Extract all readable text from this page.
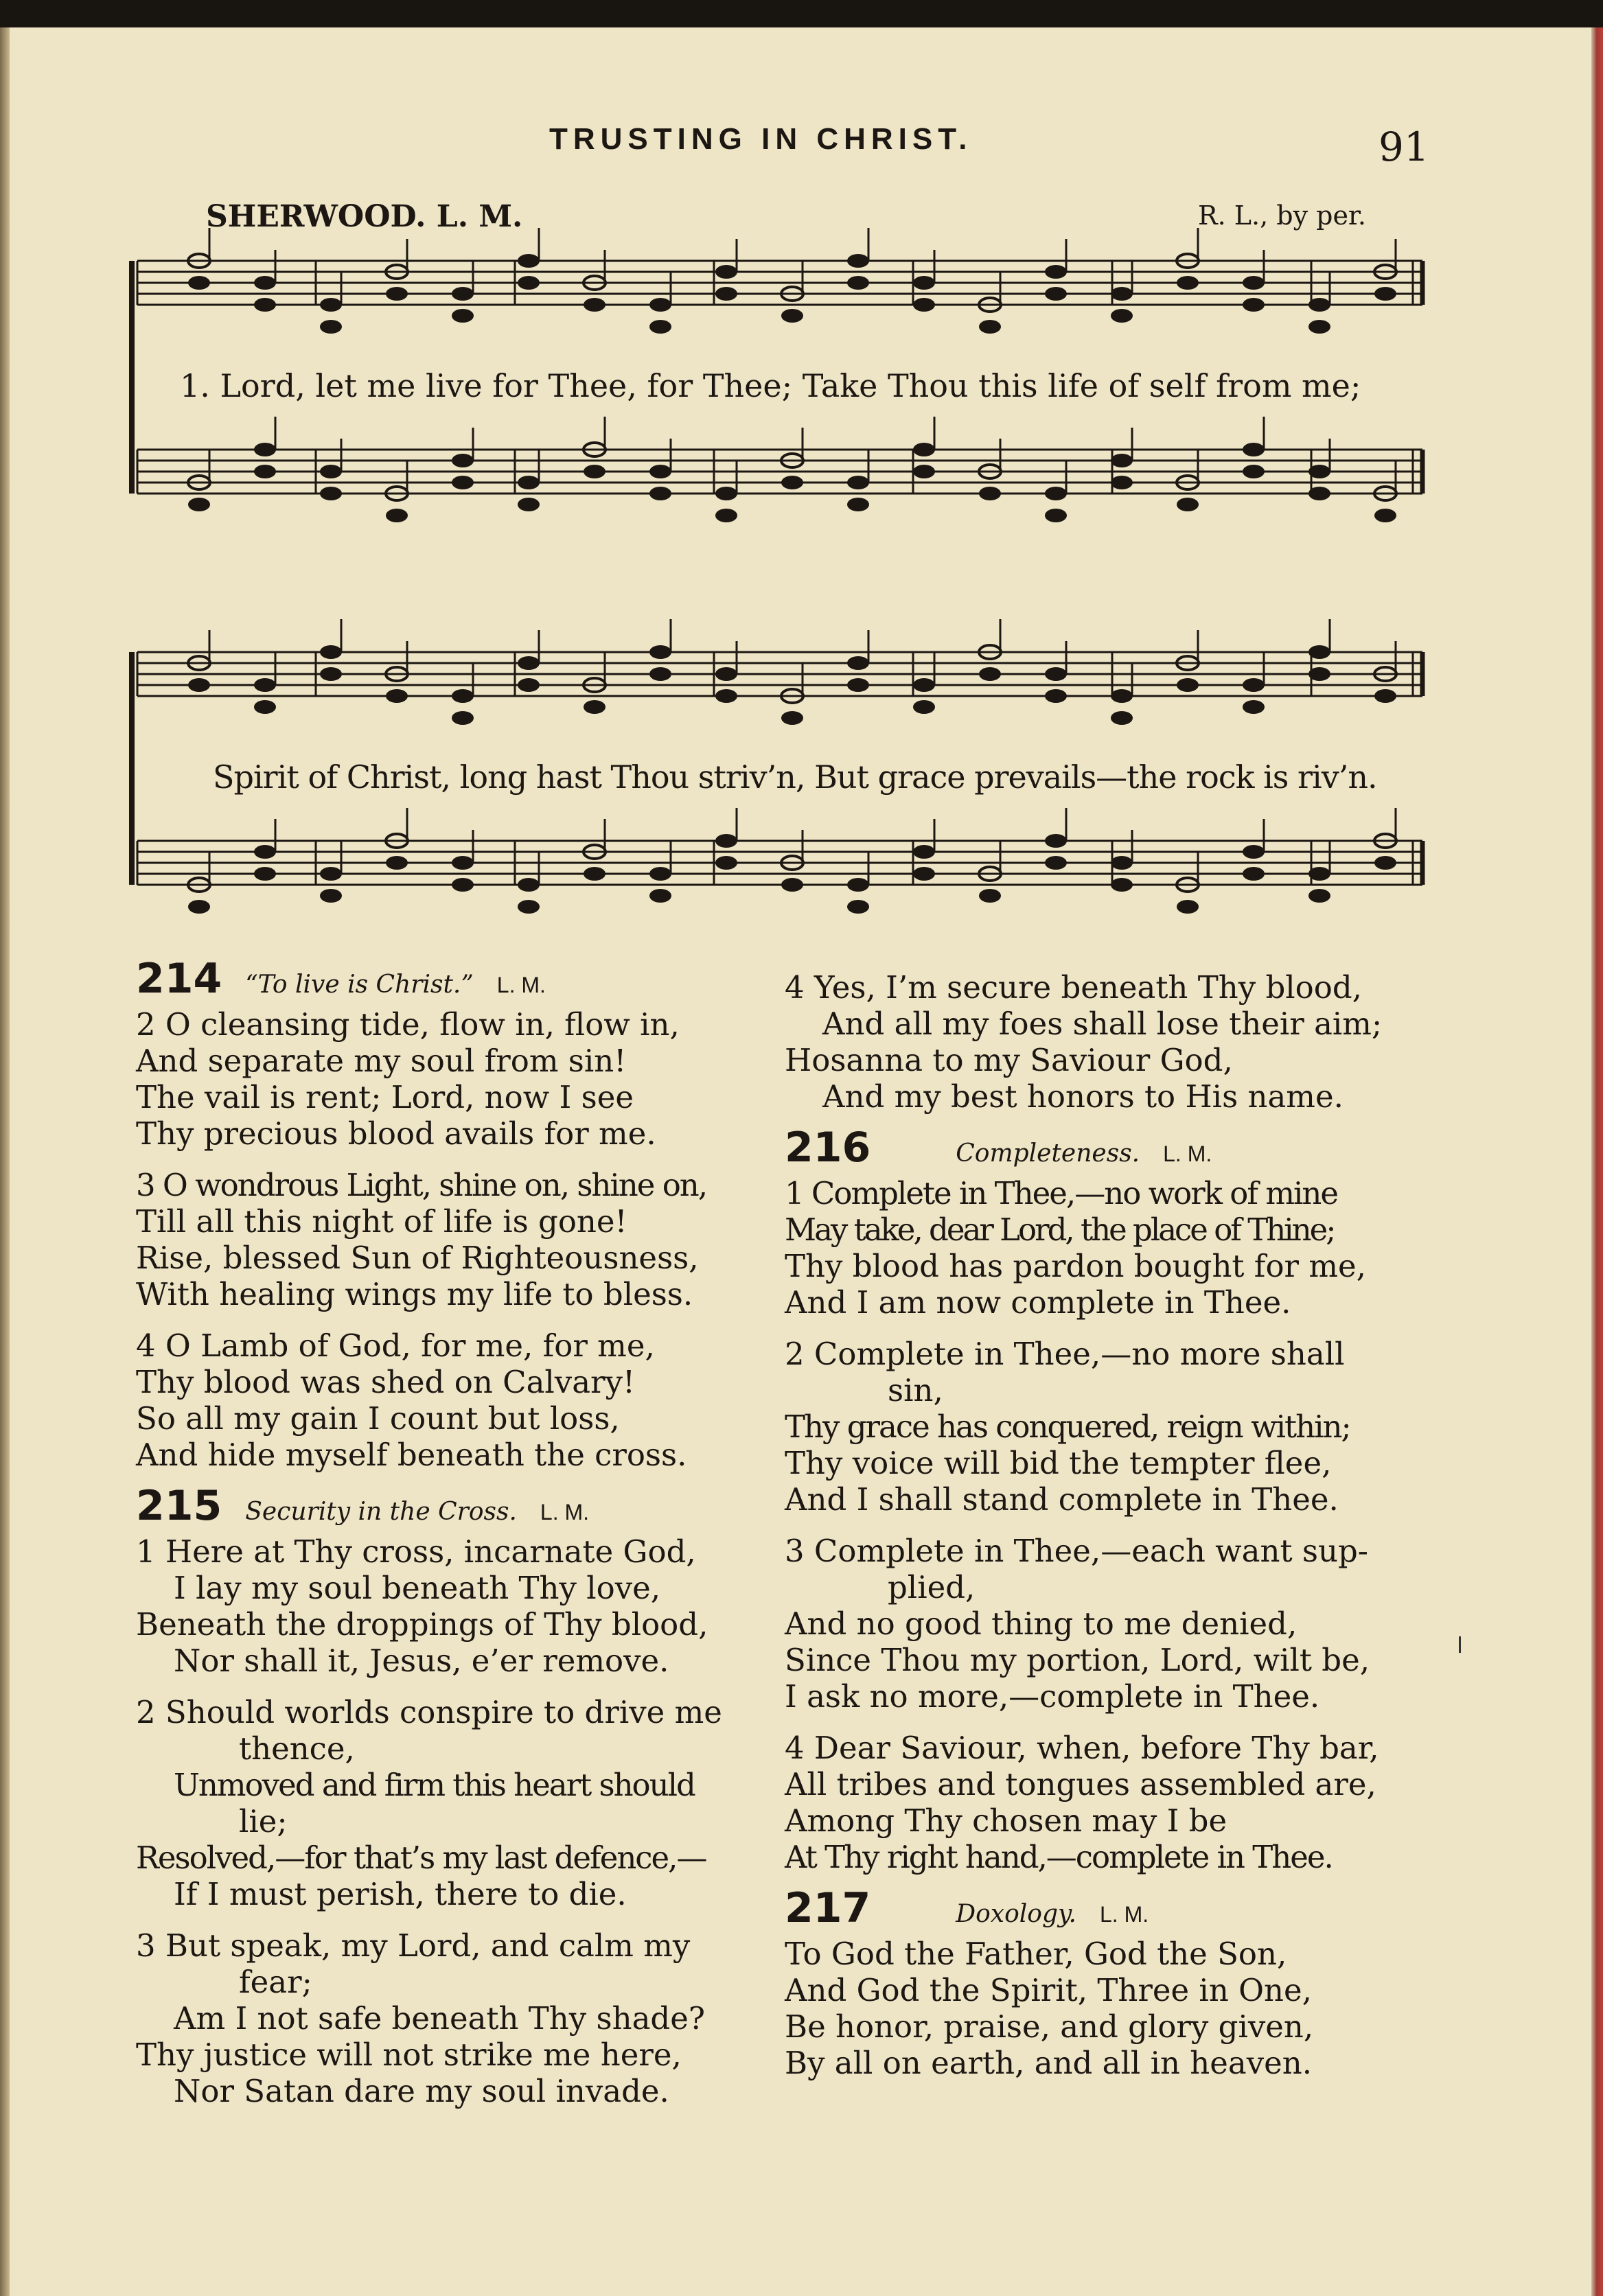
TRUSTING IN CHRIST.	91
SHERWOOD. L. M.	R. L., by per.
1. Lord, let me live for Thee, for Thee; Take Thou this life of self from me;
Spirit of Christ, long hast Thou striv’n, But grace prevails—the rock is riv’n.
214 “To live is Christ.” L. M.

2 O cleansing tide, flow in, flow in,

And separate my soul from sin!

The vail is rent; Lord, now I see

Thy precious blood avails for me.

3 O wondrous Light, shine on, shine on,

Till all this night of life is gone!

Rise, blessed Sun of Righteousness,

With healing wings my life to bless.

4 O Lamb of God, for me, for me,

Thy blood was shed on Calvary!

So all my gain I count but loss,

And hide myself beneath the cross.

215 Security in the Cross. L. M.

1 Here at Thy cross, incarnate God,

I lay my soul beneath Thy love,

Beneath the droppings of Thy blood,

Nor shall it, Jesus, e’er remove.

2 Should worlds conspire to drive me

thence,

Unmoved and firm this heart should

lie;

Resolved,—for that’s my last defence,—

If I must perish, there to die.

3 But speak, my Lord, and calm my

fear;

Am I not safe beneath Thy shade?

Thy justice will not strike me here,

Nor Satan dare my soul invade.

4 Yes, I’m secure beneath Thy blood,

And all my foes shall lose their aim;

Hosanna to my Saviour God,

And my best honors to His name.

216	Completeness. L. M.

1 Complete in Thee,—no work of mine

May take, dear Lord, the place of Thine;

Thy blood has pardon bought for me,

And I am now complete in Thee.

2 Complete in Thee,—no more shall

sin,

Thy grace has conquered, reign within;

Thy voice will bid the tempter flee,

And I shall stand complete in Thee.

3 Complete in Thee,—each want sup-

plied,

And no good thing to me denied,

Since Thou my portion, Lord, wilt be,

I ask no more,—complete in Thee.

4 Dear Saviour, when, before Thy bar,

All tribes and tongues assembled are,

Among Thy chosen may I be

At Thy right hand,—complete in Thee.

217	Doxology. L. M.

To God the Father, God the Son,

And God the Spirit, Three in One,

Be honor, praise, and glory given,

By all on earth, and all in heaven.
